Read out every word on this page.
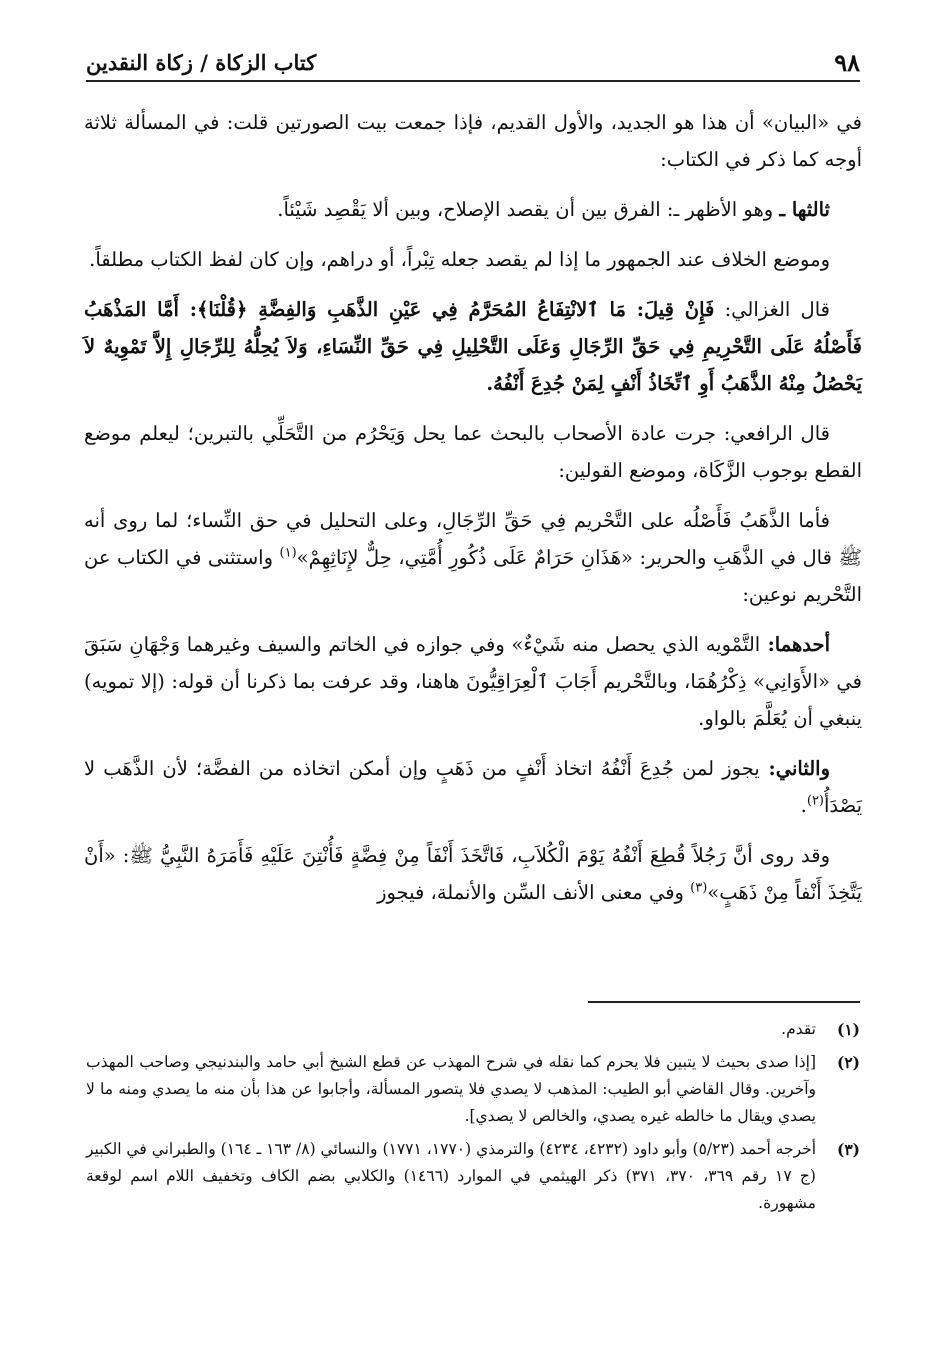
٩٨
كتاب الزكاة / زكاة النقدين

في «البيان» أن هذا هو الجديد، والأول القديم، فإذا جمعت بيت الصورتين قلت: في المسألة ثلاثة أوجه كما ذكر في الكتاب:

ثالثها ـ وهو الأظهر ـ: الفرق بين أن يقصد الإصلاح، وبين ألا يَقْصِد شَيْئاً.

وموضع الخلاف عند الجمهور ما إذا لم يقصد جعله تِبْراً، أو دراهم، وإن كان لفظ الكتاب مطلقاً.

قال الغزالي: فَإِنْ قِيلَ: مَا ٱلانْتِفَاعُ المُحَرَّمُ فِي عَيْنِ الذَّهَبِ وَالفِضَّةِ ﴿قُلْنَا﴾: أَمَّا المَذْهَبُ فَأَصْلُهُ عَلَى التَّحْرِيمِ فِي حَقِّ الرِّجَالِ وَعَلَى التَّحْلِيلِ فِي حَقِّ النِّسَاءِ، وَلاَ يُحِلُّهُ لِلرِّجَالِ إِلاَّ تَمْوِيهٌ لاَ يَحْصُلُ مِنْهُ الذَّهَبُ أَوِ ٱتِّخَاذُ أَنْفٍ لِمَنْ جُدِعَ أَنْفُهُ.

قال الرافعي: جرت عادة الأصحاب بالبحث عما يحل وَيَحْرُم من التَّحَلِّي بالتبرين؛ ليعلم موضع القطع بوجوب الزَّكَاة، وموضع القولين:

فأما الذَّهَبُ فَأَصْلُه على التَّحْريم فِي حَقِّ الرِّجَالِ، وعلى التحليل في حق النِّساء؛ لما روى أنه ﷺ قال في الذَّهَبِ والحرير: «هَذَانِ حَرَامٌ عَلَى ذُكُورِ أُمَّتِي، حِلٌّ لإِنَاثِهِمْ»$^{(١)}$ واستثنى في الكتاب عن التَّحْريم نوعين:

أحدهما: التَّمْويه الذي يحصل منه شَيْءٌ» وفي جوازه في الخاتم والسيف وغيرهما وَجْهَانِ سَبَقَ في «الأَوَانِي» ذِكْرُهُمَا، وبالتَّحْريم أَجَابَ ٱلْعِرَاقِيُّونَ هاهنا، وقد عرفت بما ذكرنا أن قوله: (إلا تمويه) ينبغي أن يُعَلَّمَ بالواو.

والثاني: يجوز لمن جُدِعَ أَنْفُهُ اتخاذ أَنْفٍ من ذَهَبٍ وإن أمكن اتخاذه من الفضَّة؛ لأن الذَّهَب لا يَصْدَأُ$^{(٢)}$.

وقد روى أنَّ رَجُلاً قُطِعَ أَنْفُهُ يَوْمَ الْكُلاَبِ، فَاتَّخَذَ أَنْفَاً مِنْ فِضَّةٍ فَأُنْتِنَ عَلَيْهِ فَأَمَرَهُ النَّبِيُّ ﷺ: «أَنْ يَتَّخِذَ أَنْفاً مِنْ ذَهَبٍ»$^{(٣)}$ وفي معنى الأنف السِّن والأنملة، فيجوز

(١)
تقدم.
(٢)
[إذا صدى بحيث لا يتبين فلا يحرم كما نقله في شرح المهذب عن قطع الشيخ أبي حامد والبندنيجي وصاحب المهذب وآخرين. وقال القاضي أبو الطيب: المذهب لا يصدي فلا يتصور المسألة، وأجابوا عن هذا بأن منه ما يصدي ومنه ما لا يصدي ويقال ما خالطه غيره يصدي، والخالص لا يصدي].
(٣)
أخرجه أحمد (٥/٢٣) وأبو داود (٤٢٣٢، ٤٢٣٤) والترمذي (١٧٧٠، ١٧٧١) والنسائي (٨/ ١٦٣ ـ ١٦٤) والطبراني في الكبير (ج ١٧ رقم ٣٦٩، ٣٧٠، ٣٧١) ذكر الهيثمي في الموارد (١٤٦٦) والكلابي بضم الكاف وتخفيف اللام اسم لوقعة مشهورة.
